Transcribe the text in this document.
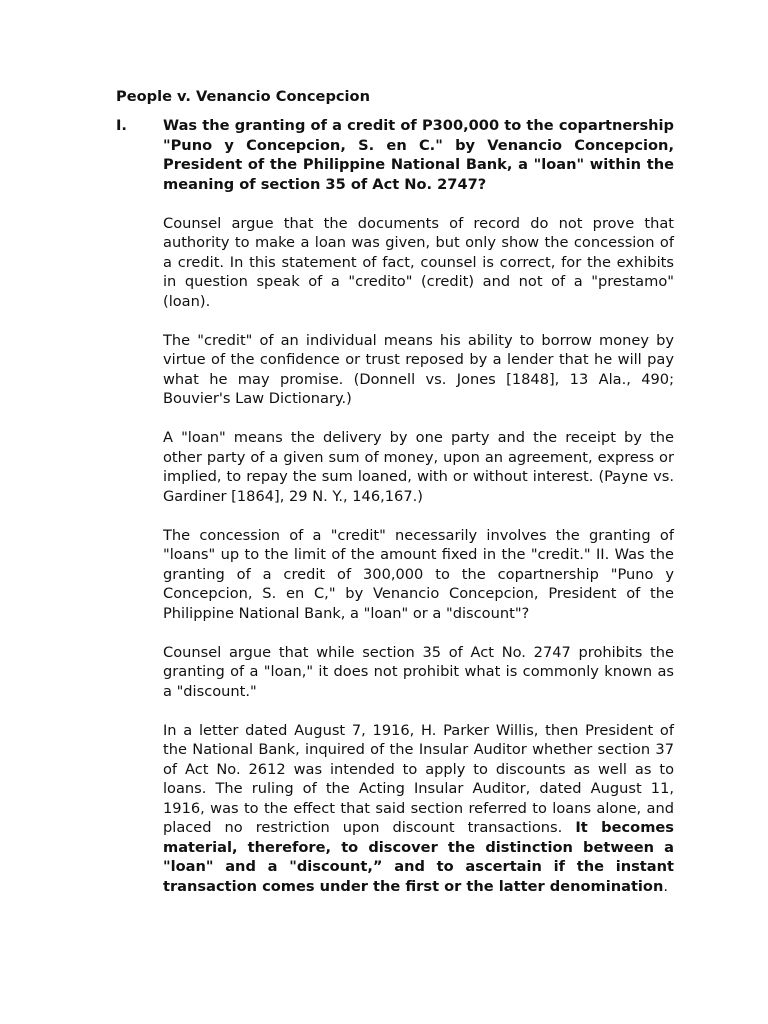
People v. Venancio Concepcion
I. Was the granting of a credit of P300,000 to the copartnership "Puno y Concepcion, S. en C." by Venancio Concepcion, President of the Philippine National Bank, a "loan" within the meaning of section 35 of Act No. 2747?

Counsel argue that the documents of record do not prove that authority to make a loan was given, but only show the concession of a credit. In this statement of fact, counsel is correct, for the exhibits in question speak of a "credito" (credit) and not of a "prestamo" (loan).

The "credit" of an individual means his ability to borrow money by virtue of the confidence or trust reposed by a lender that he will pay what he may promise. (Donnell vs. Jones [1848], 13 Ala., 490; Bouvier's Law Dictionary.)

A "loan" means the delivery by one party and the receipt by the other party of a given sum of money, upon an agreement, express or implied, to repay the sum loaned, with or without interest. (Payne vs. Gardiner [1864], 29 N. Y., 146,167.)

The concession of a "credit" necessarily involves the granting of "loans" up to the limit of the amount fixed in the "credit." II. Was the granting of a credit of 300,000 to the copartnership "Puno y Concepcion, S. en C," by Venancio Concepcion, President of the Philippine National Bank, a "loan" or a "discount"?

Counsel argue that while section 35 of Act No. 2747 prohibits the granting of a "loan," it does not prohibit what is commonly known as a "discount."

In a letter dated August 7, 1916, H. Parker Willis, then President of the National Bank, inquired of the Insular Auditor whether section 37 of Act No. 2612 was intended to apply to discounts as well as to loans. The ruling of the Acting Insular Auditor, dated August 11, 1916, was to the effect that said section referred to loans alone, and placed no restriction upon discount transactions. It becomes material, therefore, to discover the distinction between a "loan" and a "discount,” and to ascertain if the instant transaction comes under the first or the latter denomination.
